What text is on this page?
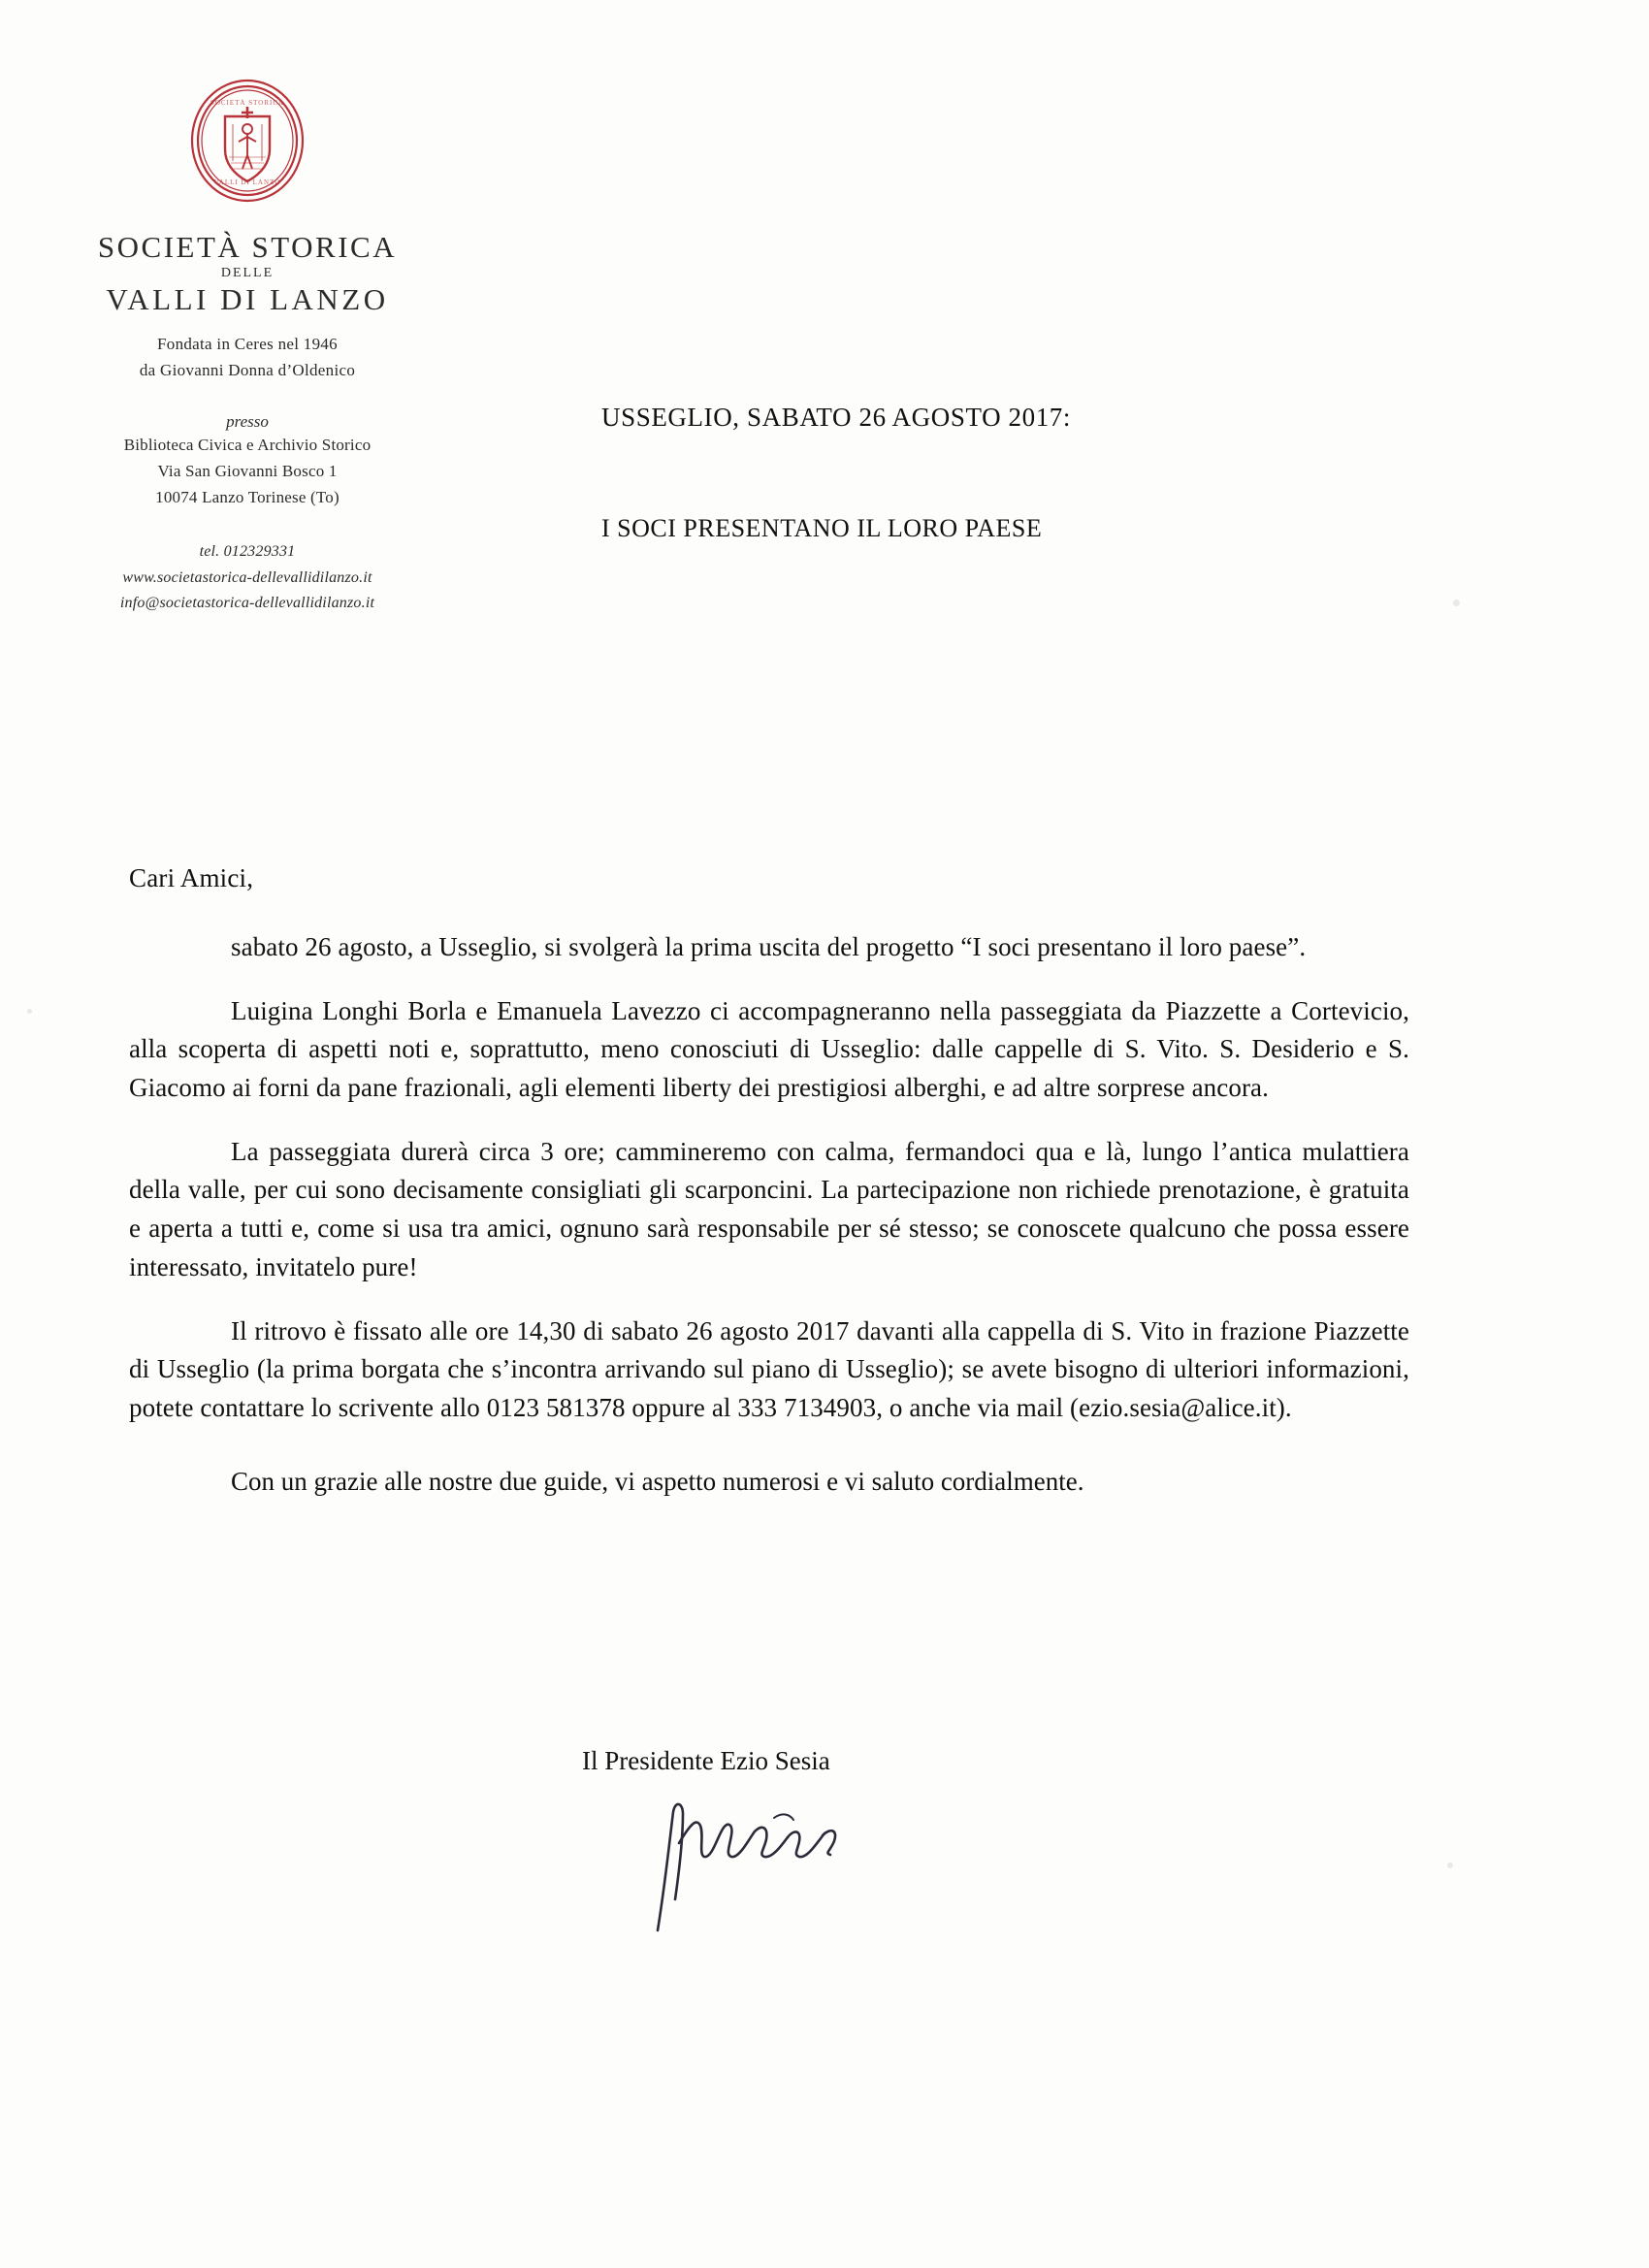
SOCIETÀ STORICA
VALLI DI LANZO
SOCIETÀ STORICA
DELLE
VALLI DI LANZO
Fondata in Ceres nel 1946
da Giovanni Donna d’Oldenico
presso
Biblioteca Civica e Archivio Storico
Via San Giovanni Bosco 1
10074 Lanzo Torinese (To)
tel. 012329331
www.societastorica-dellevallidilanzo.it
info@societastorica-dellevallidilanzo.it
USSEGLIO, SABATO 26 AGOSTO 2017:
I SOCI PRESENTANO IL LORO PAESE
Cari Amici,

sabato 26 agosto, a Usseglio, si svolgerà la prima uscita del progetto “I soci presentano il loro paese”.

Luigina Longhi Borla e Emanuela Lavezzo ci accompagneranno nella passeggiata da Piazzette a Cortevicio, alla scoperta di aspetti noti e, soprattutto, meno conosciuti di Usseglio: dalle cappelle di S. Vito. S. Desiderio e S. Giacomo ai forni da pane frazionali, agli elementi liberty dei prestigiosi alberghi, e ad altre sorprese ancora.

La passeggiata durerà circa 3 ore; cammineremo con calma, fermandoci qua e là, lungo l’antica mulattiera della valle, per cui sono decisamente consigliati gli scarponcini. La partecipazione non richiede prenotazione, è gratuita e aperta a tutti e, come si usa tra amici, ognuno sarà responsabile per sé stesso; se conoscete qualcuno che possa essere interessato, invitatelo pure!

Il ritrovo è fissato alle ore 14,30 di sabato 26 agosto 2017 davanti alla cappella di S. Vito in frazione Piazzette di Usseglio (la prima borgata che s’incontra arrivando sul piano di Usseglio); se avete bisogno di ulteriori informazioni, potete contattare lo scrivente allo 0123 581378 oppure al 333 7134903, o anche via mail (ezio.sesia@alice.it).

Con un grazie alle nostre due guide, vi aspetto numerosi e vi saluto cordialmente.

Il Presidente Ezio Sesia
